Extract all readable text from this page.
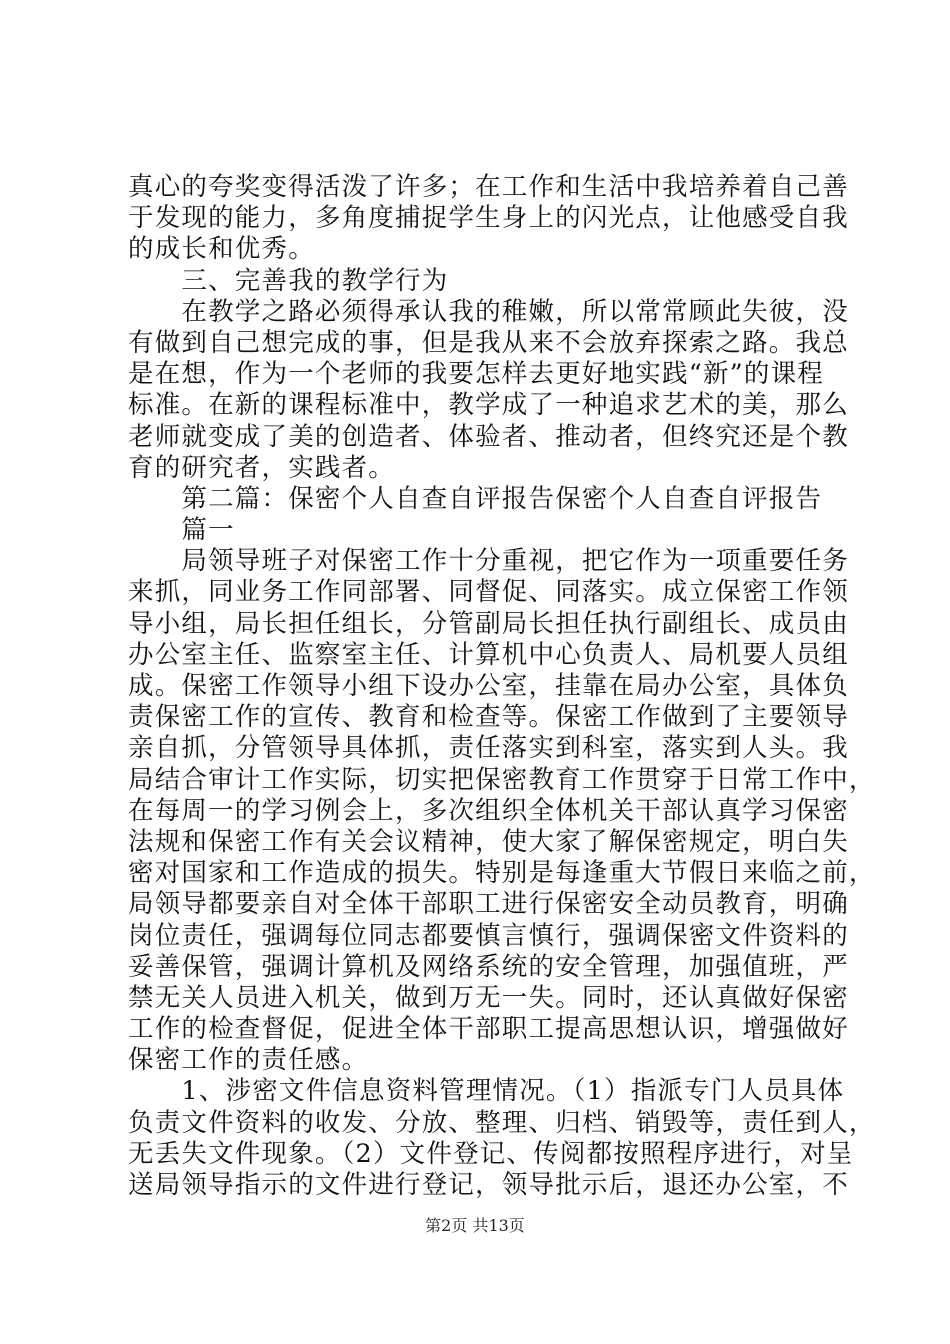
真心的夸奖变得活泼了许多；在工作和生活中我培养着自己善
于发现的能力，多角度捕捉学生身上的闪光点，让他感受自我
的成长和优秀。
　　三、完善我的教学行为
　　在教学之路必须得承认我的稚嫩，所以常常顾此失彼，没
有做到自己想完成的事，但是我从来不会放弃探索之路。我总
是在想，作为一个老师的我要怎样去更好地实践“新”的课程
标准。在新的课程标准中，教学成了一种追求艺术的美，那么
老师就变成了美的创造者、体验者、推动者，但终究还是个教
育的研究者，实践者。
　　第二篇：保密个人自查自评报告保密个人自查自评报告
　　篇一
　　局领导班子对保密工作十分重视，把它作为一项重要任务
来抓，同业务工作同部署、同督促、同落实。成立保密工作领
导小组，局长担任组长，分管副局长担任执行副组长、成员由
办公室主任、监察室主任、计算机中心负责人、局机要人员组
成。保密工作领导小组下设办公室，挂靠在局办公室，具体负
责保密工作的宣传、教育和检查等。保密工作做到了主要领导
亲自抓，分管领导具体抓，责任落实到科室，落实到人头。我
局结合审计工作实际，切实把保密教育工作贯穿于日常工作中，
在每周一的学习例会上，多次组织全体机关干部认真学习保密
法规和保密工作有关会议精神，使大家了解保密规定，明白失
密对国家和工作造成的损失。特别是每逢重大节假日来临之前，
局领导都要亲自对全体干部职工进行保密安全动员教育，明确
岗位责任，强调每位同志都要慎言慎行，强调保密文件资料的
妥善保管，强调计算机及网络系统的安全管理，加强值班，严
禁无关人员进入机关，做到万无一失。同时，还认真做好保密
工作的检查督促，促进全体干部职工提高思想认识，增强做好
保密工作的责任感。
　　1、涉密文件信息资料管理情况。（1）指派专门人员具体
负责文件资料的收发、分放、整理、归档、销毁等，责任到人，
无丢失文件现象。（2）文件登记、传阅都按照程序进行，对呈
送局领导指示的文件进行登记，领导批示后，退还办公室，不
第2页 共13页
